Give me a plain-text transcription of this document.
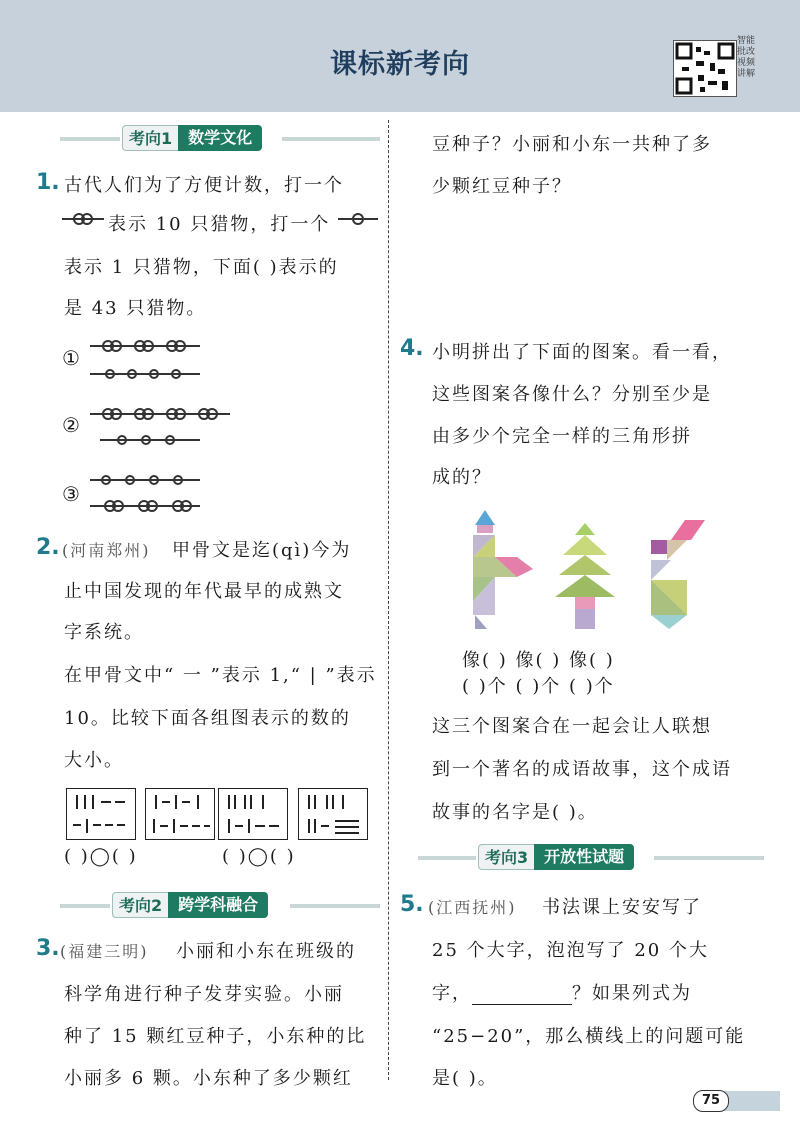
课标新考向
智能批改 视频讲解
考向1	数学文化
1. 古代人们为了方便计数，打一个
表示 10 只猎物，打一个
表示 1 只猎物，下面( )表示的
是 43 只猎物。
①
②
③
2. (河南郑州) 甲骨文是迄(qì)今为
止中国发现的年代最早的成熟文
字系统。
在甲骨文中“ 一 ”表示 1,“ | ”表示
10。比较下面各组图表示的数的
大小。
( )◯( )	( )◯( )
考向2	跨学科融合
3. (福建三明) 小丽和小东在班级的
科学角进行种子发芽实验。小丽
种了 15 颗红豆种子，小东种的比
小丽多 6 颗。小东种了多少颗红
豆种子？小丽和小东一共种了多
少颗红豆种子？
4. 小明拼出了下面的图案。看一看，
这些图案各像什么？分别至少是
由多少个完全一样的三角形拼
成的？
像( ) 像( ) 像( )
( )个 ( )个 ( )个
这三个图案合在一起会让人联想
到一个著名的成语故事，这个成语
故事的名字是( )。
考向3	开放性试题
5. (江西抚州) 书法课上安安写了
25 个大字，泡泡写了 20 个大
字，	？如果列式为
“25−20”，那么横线上的问题可能
是( )。
75
